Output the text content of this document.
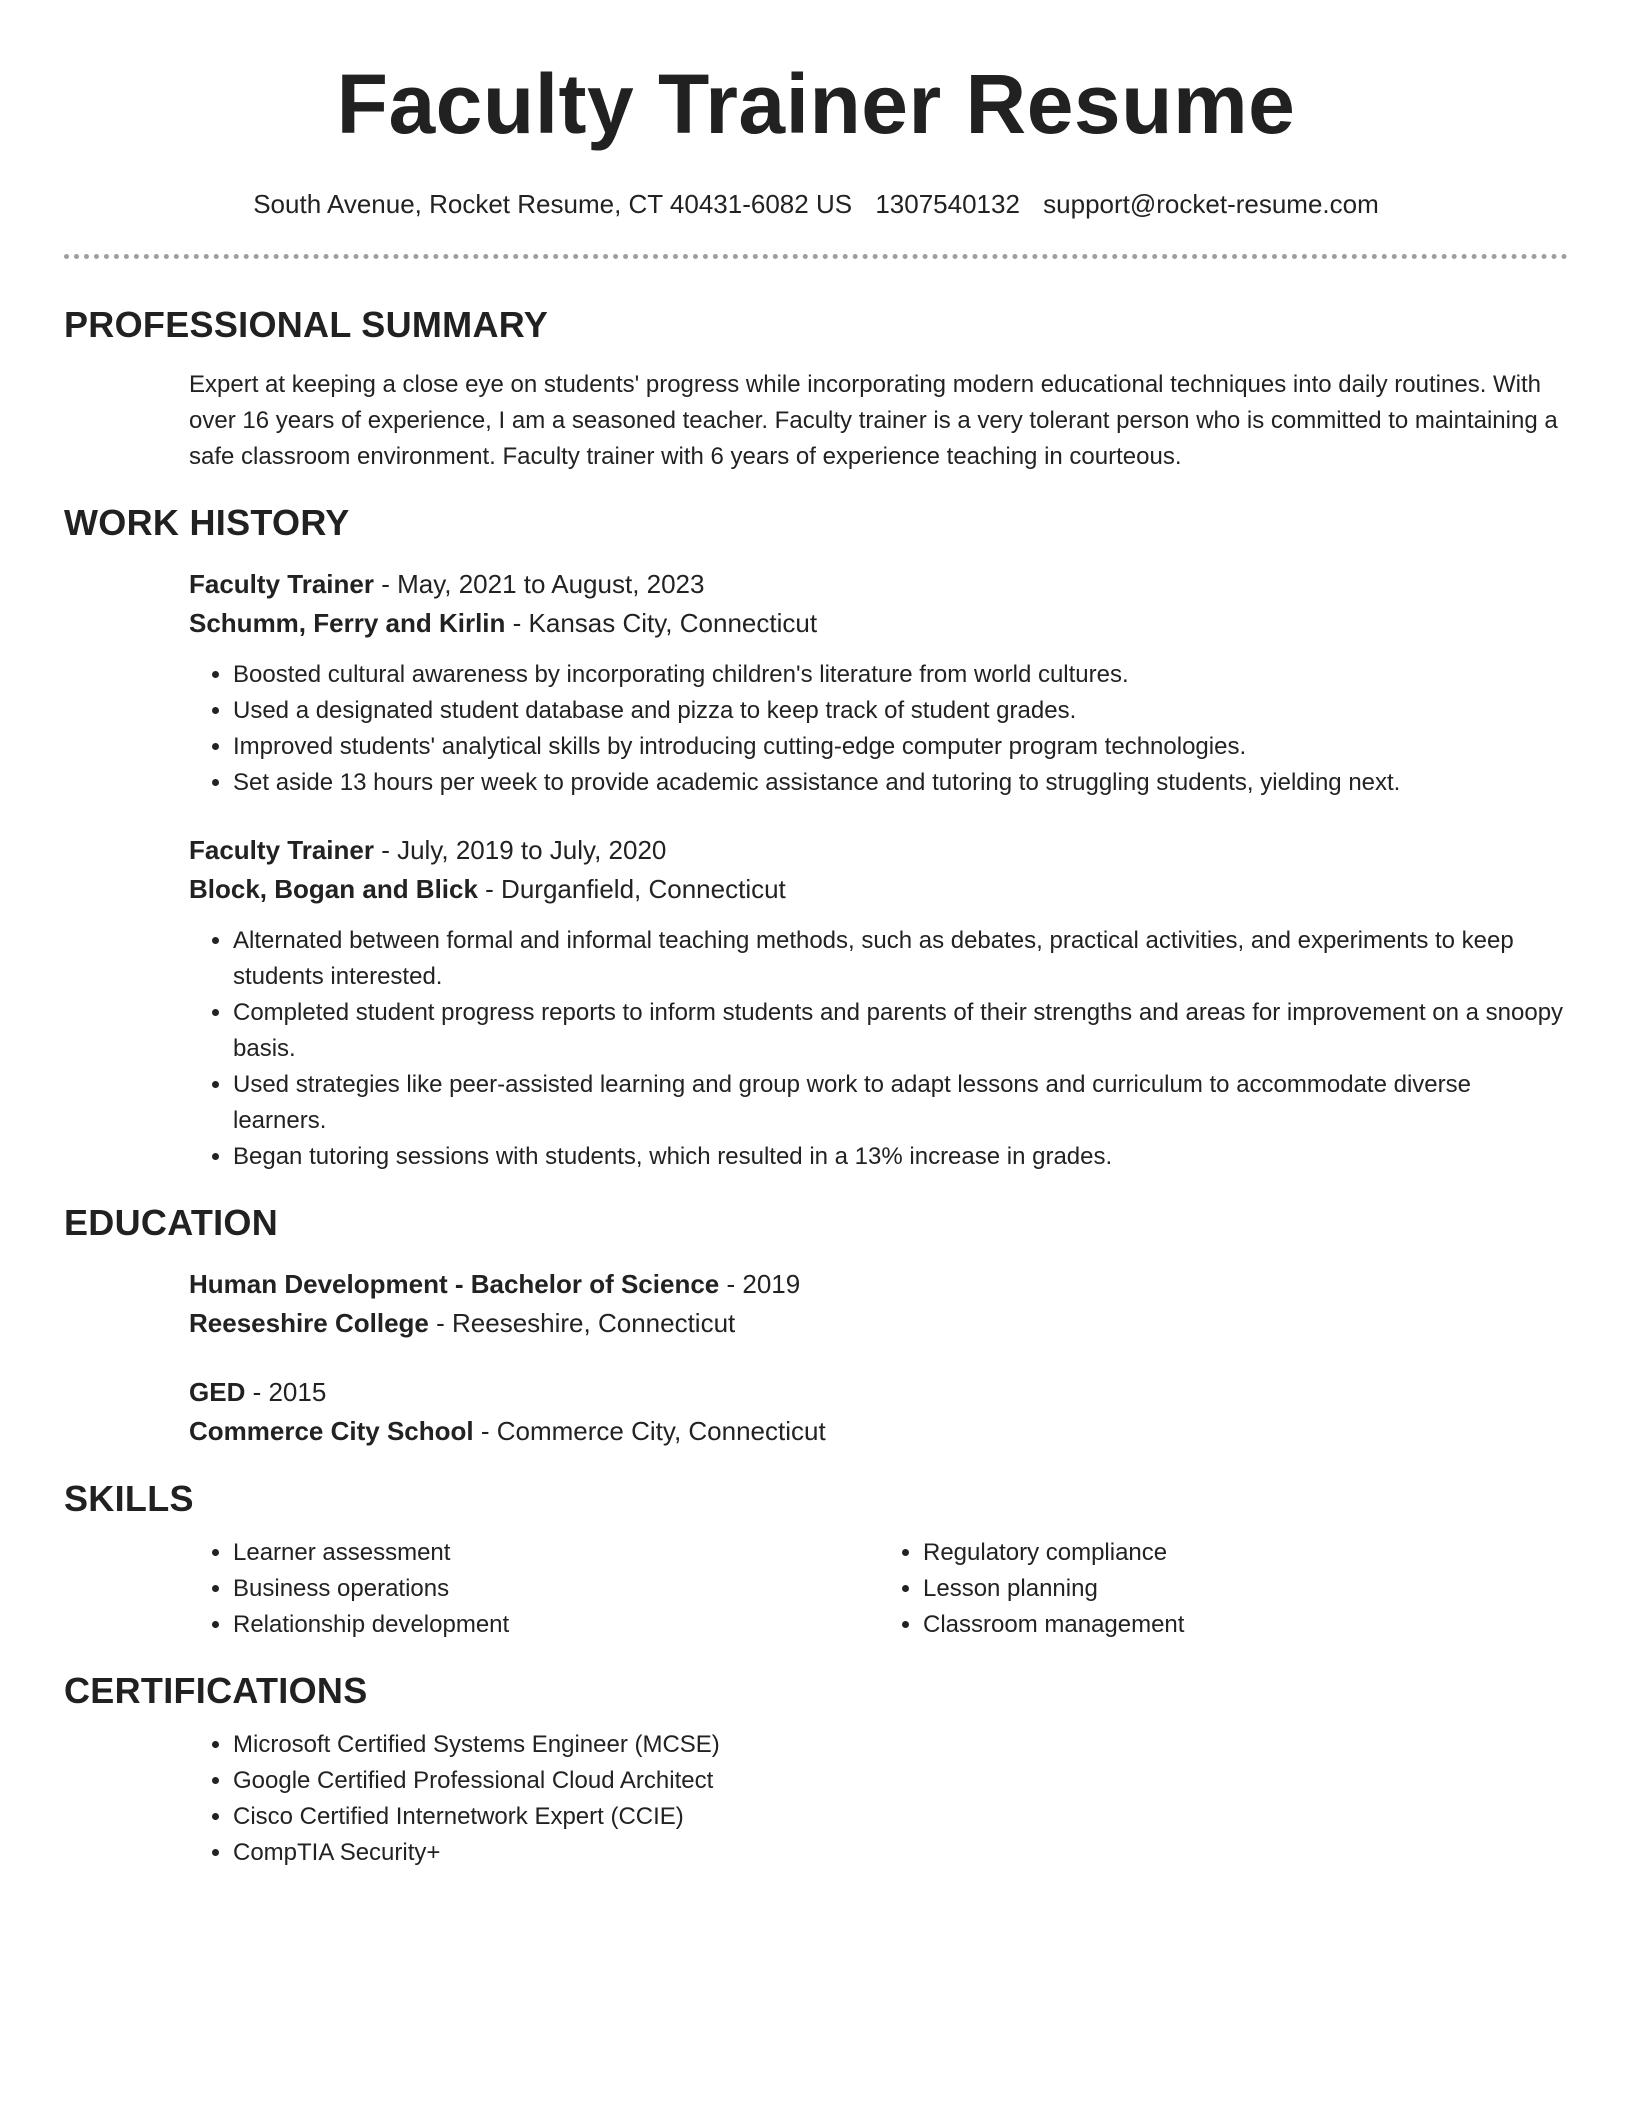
Faculty Trainer Resume
South Avenue, Rocket Resume, CT 40431-6082 US 1307540132 support@rocket-resume.com
PROFESSIONAL SUMMARY

Expert at keeping a close eye on students' progress while incorporating modern educational techniques into daily routines. With over 16 years of experience, I am a seasoned teacher. Faculty trainer is a very tolerant person who is committed to maintaining a safe classroom environment. Faculty trainer with 6 years of experience teaching in courteous.

WORK HISTORY

Faculty Trainer - May, 2021 to August, 2023

Schumm, Ferry and Kirlin - Kansas City, Connecticut

• Boosted cultural awareness by incorporating children's literature from world cultures.
• Used a designated student database and pizza to keep track of student grades.
• Improved students' analytical skills by introducing cutting-edge computer program technologies.
• Set aside 13 hours per week to provide academic assistance and tutoring to struggling students, yielding next.

Faculty Trainer - July, 2019 to July, 2020

Block, Bogan and Blick - Durganfield, Connecticut

• Alternated between formal and informal teaching methods, such as debates, practical activities, and experiments to keep students interested.
• Completed student progress reports to inform students and parents of their strengths and areas for improvement on a snoopy basis.
• Used strategies like peer-assisted learning and group work to adapt lessons and curriculum to accommodate diverse learners.
• Began tutoring sessions with students, which resulted in a 13% increase in grades.
EDUCATION

Human Development - Bachelor of Science - 2019

Reeseshire College - Reeseshire, Connecticut

GED - 2015

Commerce City School - Commerce City, Connecticut

SKILLS
• Learner assessment
• Business operations
• Relationship development
• Regulatory compliance
• Lesson planning
• Classroom management
CERTIFICATIONS
• Microsoft Certified Systems Engineer (MCSE)
• Google Certified Professional Cloud Architect
• Cisco Certified Internetwork Expert (CCIE)
• CompTIA Security+
